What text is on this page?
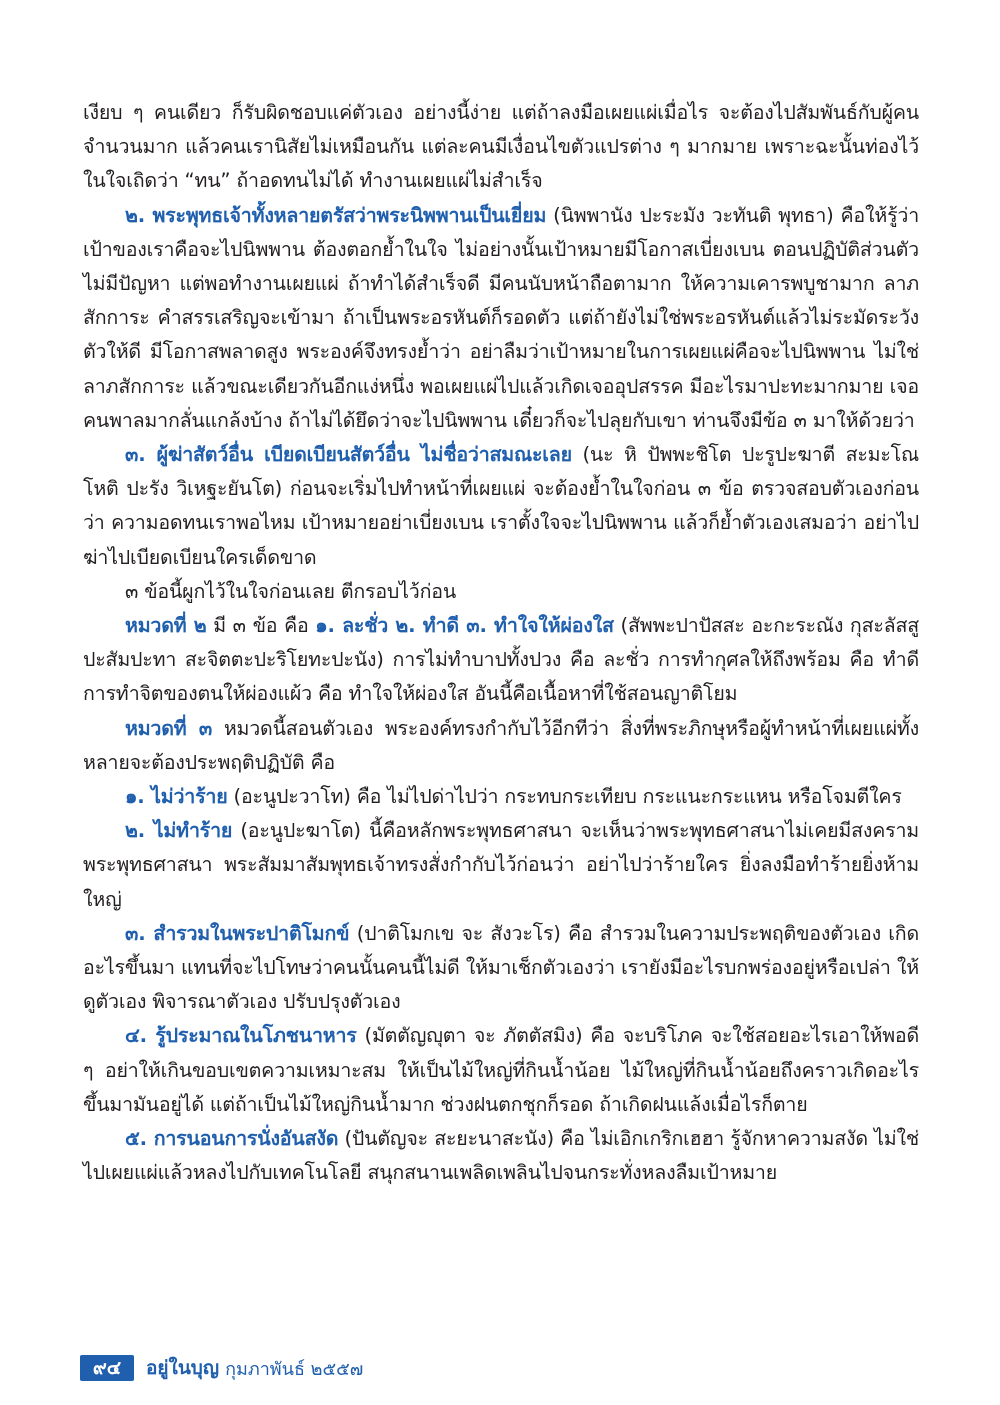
เงียบ ๆ คนเดียว ก็รับผิดชอบแค่ตัวเอง อย่างนี้ง่าย แต่ถ้าลงมือเผยแผ่เมื่อไร จะต้องไปสัมพันธ์กับผู้คนจำนวนมาก แล้วคนเรานิสัยไม่เหมือนกัน แต่ละคนมีเงื่อนไขตัวแปรต่าง ๆ มากมาย เพราะฉะนั้นท่องไว้ในใจเถิดว่า “ทน” ถ้าอดทนไม่ได้ ทำงานเผยแผ่ไม่สำเร็จ

๒. พระพุทธเจ้าทั้งหลายตรัสว่าพระนิพพานเป็นเยี่ยม (นิพพานัง ปะระมัง วะทันติ พุทธา) คือให้รู้ว่าเป้าของเราคือจะไปนิพพาน ต้องตอกย้ำในใจ ไม่อย่างนั้นเป้าหมายมีโอกาสเบี่ยงเบน ตอนปฏิบัติส่วนตัวไม่มีปัญหา แต่พอทำงานเผยแผ่ ถ้าทำได้สำเร็จดี มีคนนับหน้าถือตามาก ให้ความเคารพบูชามาก ลาภสักการะ คำสรรเสริญจะเข้ามา ถ้าเป็นพระอรหันต์ก็รอดตัว แต่ถ้ายังไม่ใช่พระอรหันต์แล้วไม่ระมัดระวังตัวให้ดี มีโอกาสพลาดสูง พระองค์จึงทรงย้ำว่า อย่าลืมว่าเป้าหมายในการเผยแผ่คือจะไปนิพพาน ไม่ใช่ลาภสักการะ แล้วขณะเดียวกันอีกแง่หนึ่ง พอเผยแผ่ไปแล้วเกิดเจออุปสรรค มีอะไรมาปะทะมากมาย เจอคนพาลมากลั่นแกล้งบ้าง ถ้าไม่ได้ยึดว่าจะไปนิพพาน เดี๋ยวก็จะไปลุยกับเขา ท่านจึงมีข้อ ๓ มาให้ด้วยว่า

๓. ผู้ฆ่าสัตว์อื่น เบียดเบียนสัตว์อื่น ไม่ชื่อว่าสมณะเลย (นะ หิ ปัพพะชิโต ปะรูปะฆาตี สะมะโณ โหติ ปะรัง วิเหฐะยันโต) ก่อนจะเริ่มไปทำหน้าที่เผยแผ่ จะต้องย้ำในใจก่อน ๓ ข้อ ตรวจสอบตัวเองก่อนว่า ความอดทนเราพอไหม เป้าหมายอย่าเบี่ยงเบน เราตั้งใจจะไปนิพพาน แล้วก็ย้ำตัวเองเสมอว่า อย่าไปฆ่าไปเบียดเบียนใครเด็ดขาด

๓ ข้อนี้ผูกไว้ในใจก่อนเลย ตีกรอบไว้ก่อน

หมวดที่ ๒ มี ๓ ข้อ คือ ๑. ละชั่ว ๒. ทำดี ๓. ทำใจให้ผ่องใส (สัพพะปาปัสสะ อะกะระณัง กุสะลัสสูปะสัมปะทา สะจิตตะปะริโยทะปะนัง) การไม่ทำบาปทั้งปวง คือ ละชั่ว การทำกุศลให้ถึงพร้อม คือ ทำดี การทำจิตของตนให้ผ่องแผ้ว คือ ทำใจให้ผ่องใส อันนี้คือเนื้อหาที่ใช้สอนญาติโยม

หมวดที่ ๓ หมวดนี้สอนตัวเอง พระองค์ทรงกำกับไว้อีกทีว่า สิ่งที่พระภิกษุหรือผู้ทำหน้าที่เผยแผ่ทั้งหลายจะต้องประพฤติปฏิบัติ คือ

๑. ไม่ว่าร้าย (อะนูปะวาโท) คือ ไม่ไปด่าไปว่า กระทบกระเทียบ กระแนะกระแหน หรือโจมตีใคร

๒. ไม่ทำร้าย (อะนูปะฆาโต) นี้คือหลักพระพุทธศาสนา จะเห็นว่าพระพุทธศาสนาไม่เคยมีสงครามพระพุทธศาสนา พระสัมมาสัมพุทธเจ้าทรงสั่งกำกับไว้ก่อนว่า อย่าไปว่าร้ายใคร ยิ่งลงมือทำร้ายยิ่งห้ามใหญ่

๓. สำรวมในพระปาติโมกข์ (ปาติโมกเข จะ สังวะโร) คือ สำรวมในความประพฤติของตัวเอง เกิดอะไรขึ้นมา แทนที่จะไปโทษว่าคนนั้นคนนี้ไม่ดี ให้มาเช็กตัวเองว่า เรายังมีอะไรบกพร่องอยู่หรือเปล่า ให้ดูตัวเอง พิจารณาตัวเอง ปรับปรุงตัวเอง

๔. รู้ประมาณในโภชนาหาร (มัตตัญญุตา จะ ภัตตัสมิง) คือ จะบริโภค จะใช้สอยอะไรเอาให้พอดี ๆ อย่าให้เกินขอบเขตความเหมาะสม ให้เป็นไม้ใหญ่ที่กินน้ำน้อย ไม้ใหญ่ที่กินน้ำน้อยถึงคราวเกิดอะไรขึ้นมามันอยู่ได้ แต่ถ้าเป็นไม้ใหญ่กินน้ำมาก ช่วงฝนตกชุกก็รอด ถ้าเกิดฝนแล้งเมื่อไรก็ตาย

๕. การนอนการนั่งอันสงัด (ปันตัญจะ สะยะนาสะนัง) คือ ไม่เอิกเกริกเฮฮา รู้จักหาความสงัด ไม่ใช่ไปเผยแผ่แล้วหลงไปกับเทคโนโลยี สนุกสนานเพลิดเพลินไปจนกระทั่งหลงลืมเป้าหมาย

๙๔	อยู่ในบุญ กุมภาพันธ์ ๒๕๕๗
